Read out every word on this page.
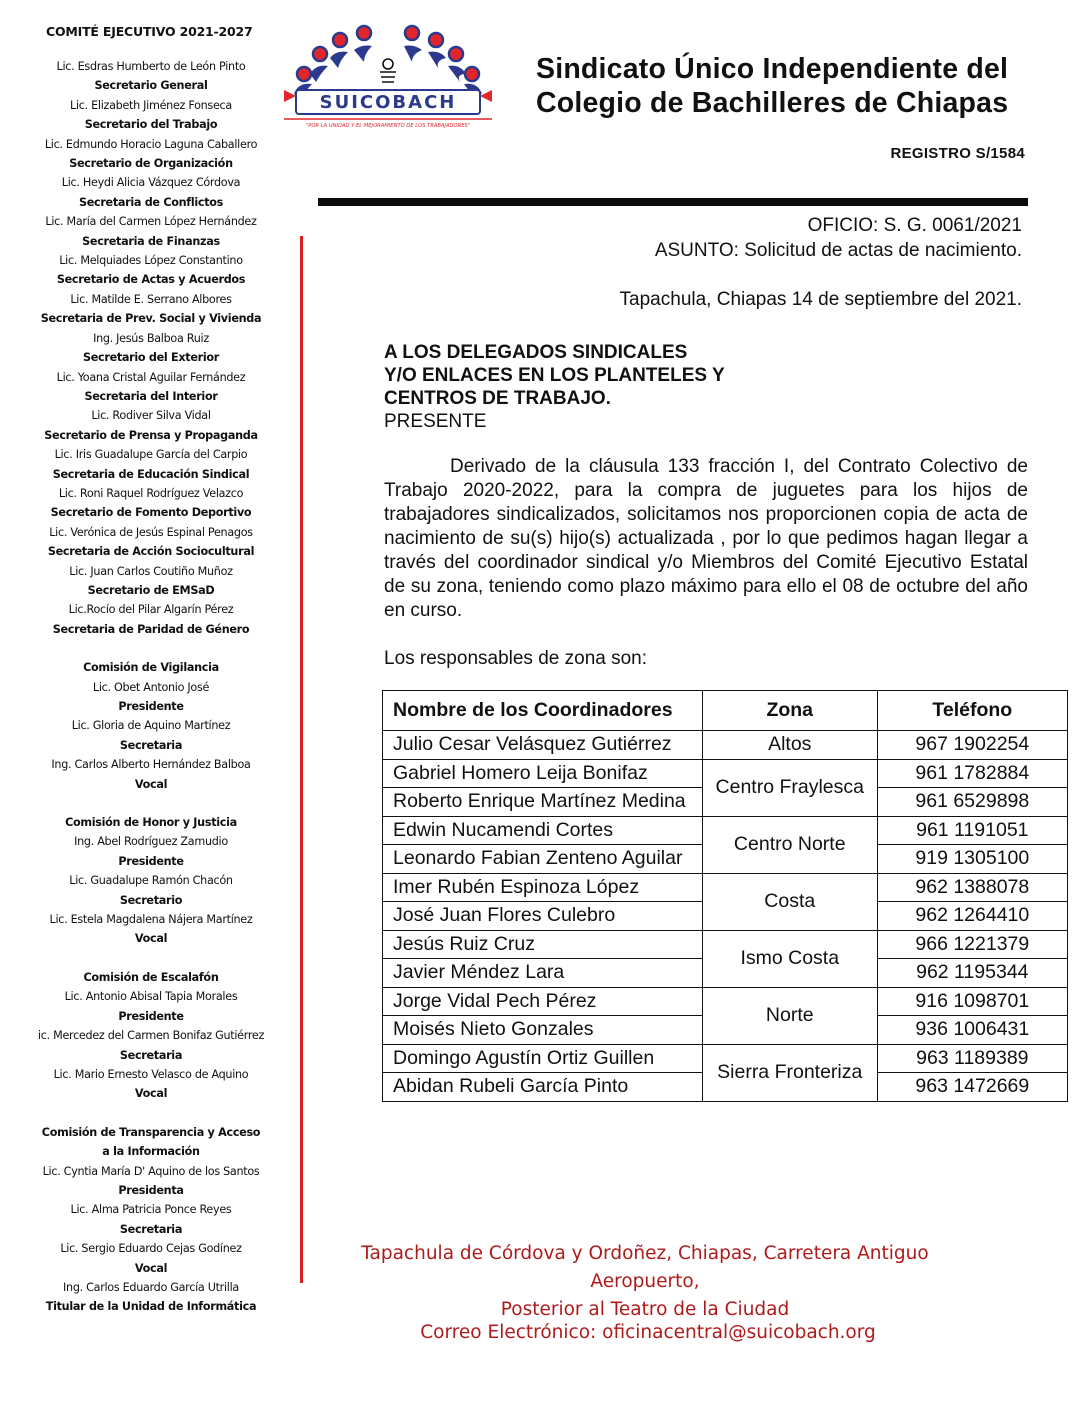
COMITÉ EJECUTIVO 2021-2027
Lic. Esdras Humberto de León Pinto
Secretario General
Lic. Elizabeth Jiménez Fonseca
Secretario del Trabajo
Lic. Edmundo Horacio Laguna Caballero
Secretario de Organización
Lic. Heydi Alicia Vázquez Córdova
Secretaria de Conflictos
Lic. María del Carmen López Hernández
Secretaria de Finanzas
Lic. Melquiades López Constantino
Secretario de Actas y Acuerdos
Lic. Matilde E. Serrano Albores
Secretaria de Prev. Social y Vivienda
Ing. Jesús Balboa Ruiz
Secretario del Exterior
Lic. Yoana Cristal Aguilar Fernández
Secretaria del Interior
Lic. Rodiver Silva Vidal
Secretario de Prensa y Propaganda
Lic. Iris Guadalupe García del Carpio
Secretaria de Educación Sindical
Lic. Roni Raquel Rodríguez Velazco
Secretario de Fomento Deportivo
Lic. Verónica de Jesús Espinal Penagos
Secretaria de Acción Sociocultural
Lic. Juan Carlos Coutiño Muñoz
Secretario de EMSaD
Lic.Rocío del Pilar Algarín Pérez
Secretaria de Paridad de Género
Comisión de Vigilancia
Lic. Obet Antonio José
Presidente
Lic. Gloria de Aquino Martínez
Secretaria
Ing. Carlos Alberto Hernández Balboa
Vocal
Comisión de Honor y Justicia
Ing. Abel Rodríguez Zamudio
Presidente
Lic. Guadalupe Ramón Chacón
Secretario
Lic. Estela Magdalena Nájera Martínez
Vocal
Comisión de Escalafón
Lic. Antonio Abisal Tapia Morales
Presidente
ic. Mercedez del Carmen Bonifaz Gutiérrez
Secretaria
Lic. Mario Ernesto Velasco de Aquino
Vocal
Comisión de Transparencia y Acceso a la Información
Lic. Cyntia María D' Aquino de los Santos
Presidenta
Lic. Alma Patricia Ponce Reyes
Secretaria
Lic. Sergio Eduardo Cejas Godínez
Vocal
Ing. Carlos Eduardo García Utrilla
Titular de la Unidad de Informática
SUICOBACH
"POR LA UNIDAD Y EL MEJORAMIENTO DE LOS TRABAJADORES"
Sindicato Único Independiente del
Colegio de Bachilleres de Chiapas
REGISTRO S/1584
OFICIO: S. G. 0061/2021
ASUNTO: Solicitud de actas de nacimiento.
Tapachula, Chiapas 14 de septiembre del 2021.
A LOS DELEGADOS SINDICALES
Y/O ENLACES EN LOS PLANTELES Y
CENTROS DE TRABAJO.
PRESENTE

Derivado de la cláusula 133 fracción I, del Contrato Colectivo de Trabajo 2020-2022, para la compra de juguetes para los hijos de trabajadores sindicalizados, solicitamos nos proporcionen copia de acta de nacimiento de su(s) hijo(s) actualizada , por lo que pedimos hagan llegar a través del coordinador sindical y/o Miembros del Comité Ejecutivo Estatal de su zona, teniendo como plazo máximo para ello el 08 de octubre del año en curso.

Los responsables de zona son:
Nombre de los Coordinadores	Zona	Teléfono
Julio Cesar Velásquez Gutiérrez	Altos	967 1902254
Gabriel Homero Leija Bonifaz	Centro Fraylesca	961 1782884
Roberto Enrique Martínez Medina		961 6529898
Edwin Nucamendi Cortes	Centro Norte	961 1191051
Leonardo Fabian Zenteno Aguilar		919 1305100
Imer Rubén Espinoza López	Costa	962 1388078
José Juan Flores Culebro		962 1264410
Jesús Ruiz Cruz	Ismo Costa	966 1221379
Javier Méndez Lara		962 1195344
Jorge Vidal Pech Pérez	Norte	916 1098701
Moisés Nieto Gonzales		936 1006431
Domingo Agustín Ortiz Guillen	Sierra Fronteriza	963 1189389
Abidan Rubeli García Pinto		963 1472669
Tapachula de Córdova y Ordoñez, Chiapas, Carretera Antiguo Aeropuerto,
Posterior al Teatro de la Ciudad
Correo Electrónico: oficinacentral@suicobach.org
